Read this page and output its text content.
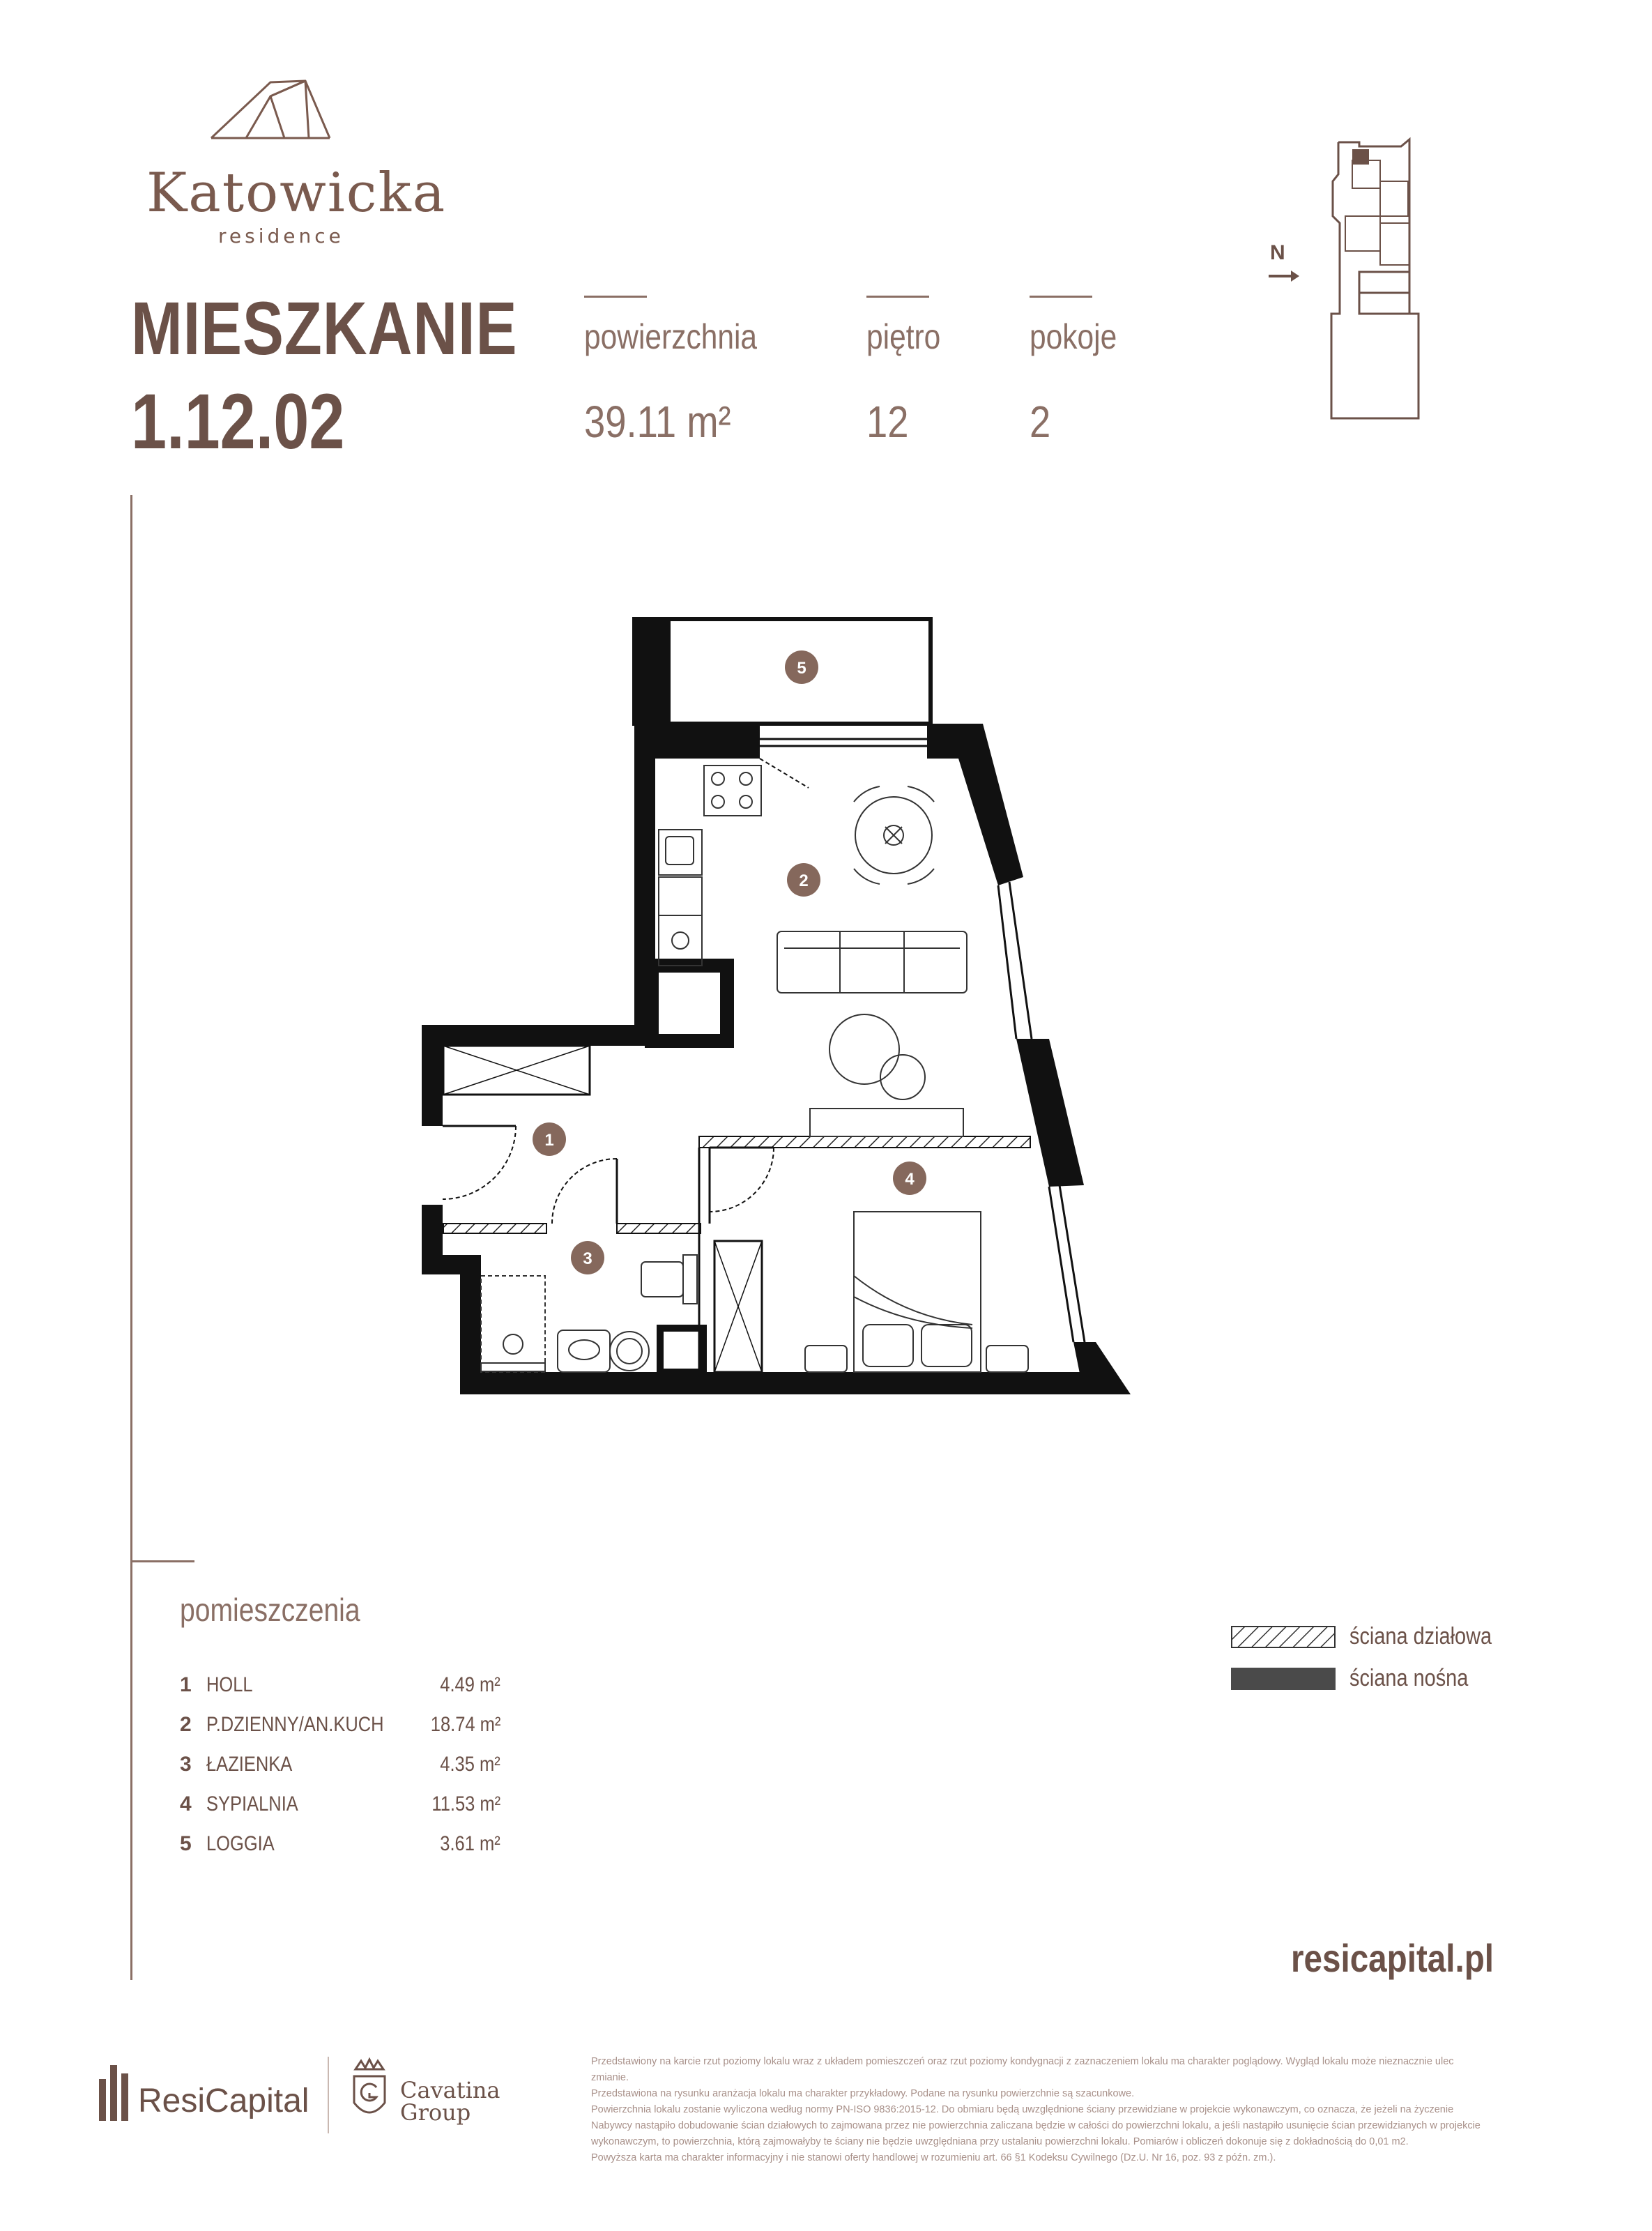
Katowicka
residence
MIESZKANIE
1.12.02
powierzchnia
39.11 m²
piętro
12
pokoje
2
N
5
2
1
4
3
pomieszczenia
1 HOLL	4.49 m²
2 P.DZIENNY/AN.KUCH 18.74 m²
3 ŁAZIENKA	4.35 m²
4 SYPIALNIA	11.53 m²
5 LOGGIA	3.61 m²
ściana działowa
ściana nośna
resicapital.pl
ResiCapital	Cavatina
Group

Przedstawiony na karcie rzut poziomy lokalu wraz z układem pomieszczeń oraz rzut poziomy kondygnacji z zaznaczeniem lokalu ma charakter poglądowy. Wygląd lokalu może nieznacznie ulec zmianie.

Przedstawiona na rysunku aranżacja lokalu ma charakter przykładowy. Podane na rysunku powierzchnie są szacunkowe.

Powierzchnia lokalu zostanie wyliczona według normy PN-ISO 9836:2015-12. Do obmiaru będą uwzględnione ściany przewidziane w projekcie wykonawczym, co oznacza, że jeżeli na życzenie Nabywcy nastąpiło dobudowanie ścian działowych to zajmowana przez nie powierzchnia zaliczana będzie w całości do powierzchni lokalu, a jeśli nastąpiło usunięcie ścian przewidzianych w projekcie wykonawczym, to powierzchnia, którą zajmowałyby te ściany nie będzie uwzględniana przy ustalaniu powierzchni lokalu. Pomiarów i obliczeń dokonuje się z dokładnością do 0,01 m2.

Powyższa karta ma charakter informacyjny i nie stanowi oferty handlowej w rozumieniu art. 66 §1 Kodeksu Cywilnego (Dz.U. Nr 16, poz. 93 z późn. zm.).
